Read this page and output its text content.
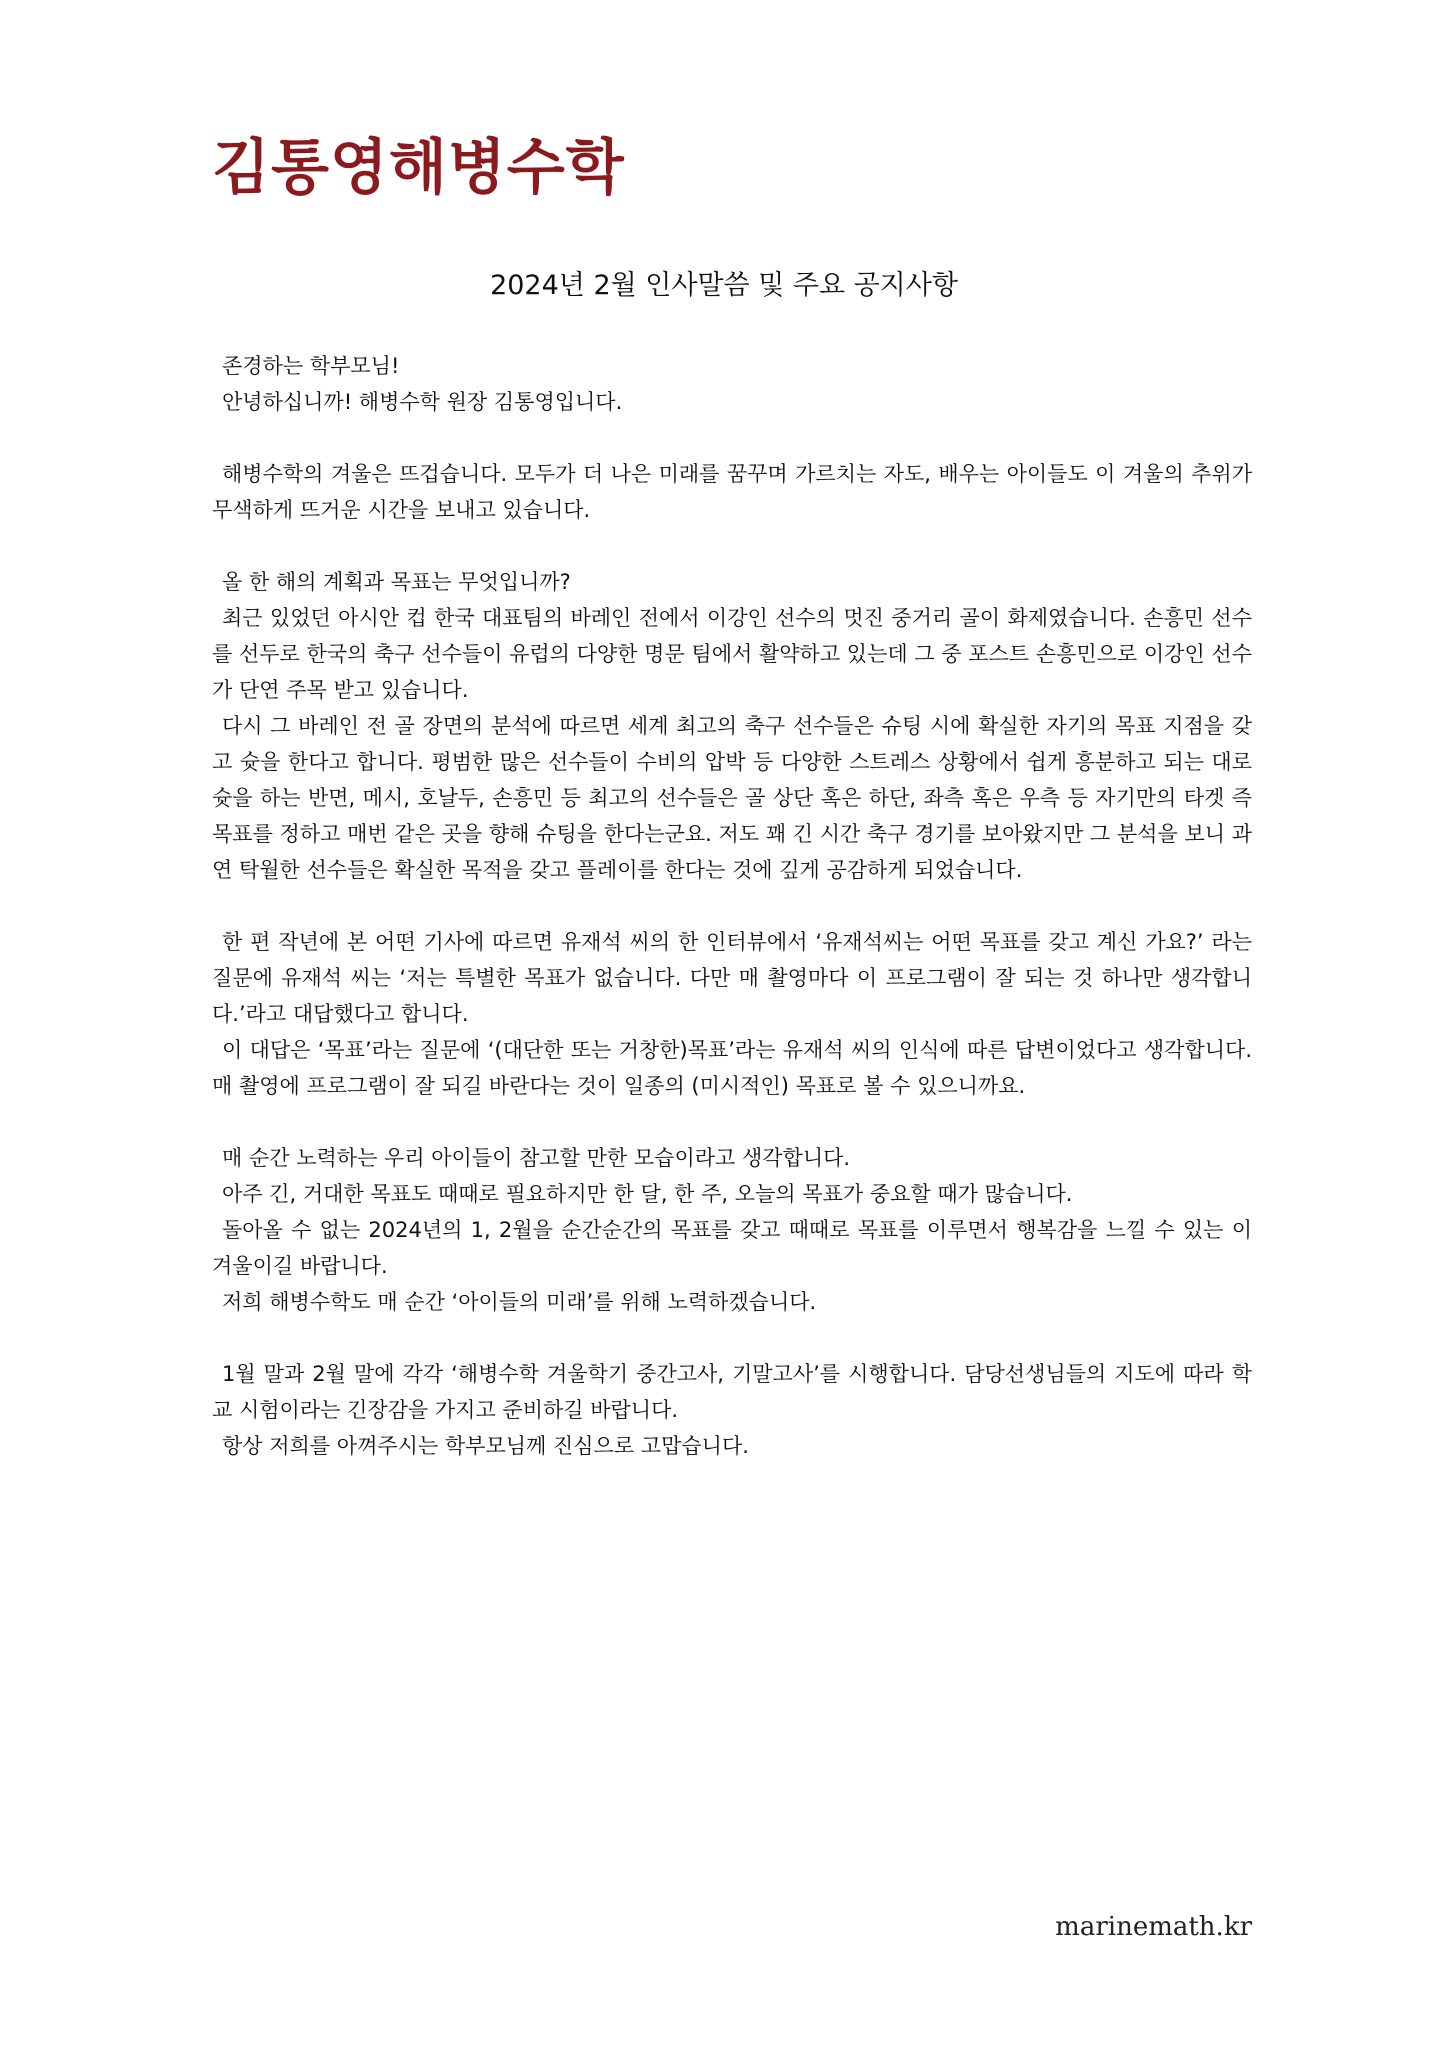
김통영해병수학
2024년 2월 인사말씀 및 주요 공지사항

존경하는 학부모님!

안녕하십니까! 해병수학 원장 김통영입니다.

해병수학의 겨울은 뜨겁습니다. 모두가 더 나은 미래를 꿈꾸며 가르치는 자도, 배우는 아이들도 이 겨울의 추위가 무색하게 뜨거운 시간을 보내고 있습니다.

올 한 해의 계획과 목표는 무엇입니까?

최근 있었던 아시안 컵 한국 대표팀의 바레인 전에서 이강인 선수의 멋진 중거리 골이 화제였습니다. 손흥민 선수를 선두로 한국의 축구 선수들이 유럽의 다양한 명문 팀에서 활약하고 있는데 그 중 포스트 손흥민으로 이강인 선수가 단연 주목 받고 있습니다.

다시 그 바레인 전 골 장면의 분석에 따르면 세계 최고의 축구 선수들은 슈팅 시에 확실한 자기의 목표 지점을 갖고 슛을 한다고 합니다. 평범한 많은 선수들이 수비의 압박 등 다양한 스트레스 상황에서 쉽게 흥분하고 되는 대로 슛을 하는 반면, 메시, 호날두, 손흥민 등 최고의 선수들은 골 상단 혹은 하단, 좌측 혹은 우측 등 자기만의 타겟 즉 목표를 정하고 매번 같은 곳을 향해 슈팅을 한다는군요. 저도 꽤 긴 시간 축구 경기를 보아왔지만 그 분석을 보니 과연 탁월한 선수들은 확실한 목적을 갖고 플레이를 한다는 것에 깊게 공감하게 되었습니다.

한 편 작년에 본 어떤 기사에 따르면 유재석 씨의 한 인터뷰에서 ‘유재석씨는 어떤 목표를 갖고 계신 가요?’ 라는 질문에 유재석 씨는 ‘저는 특별한 목표가 없습니다. 다만 매 촬영마다 이 프로그램이 잘 되는 것 하나만 생각합니다.’라고 대답했다고 합니다.

이 대답은 ‘목표’라는 질문에 ‘(대단한 또는 거창한)목표’라는 유재석 씨의 인식에 따른 답변이었다고 생각합니다. 매 촬영에 프로그램이 잘 되길 바란다는 것이 일종의 (미시적인) 목표로 볼 수 있으니까요.

매 순간 노력하는 우리 아이들이 참고할 만한 모습이라고 생각합니다.

아주 긴, 거대한 목표도 때때로 필요하지만 한 달, 한 주, 오늘의 목표가 중요할 때가 많습니다.

돌아올 수 없는 2024년의 1, 2월을 순간순간의 목표를 갖고 때때로 목표를 이루면서 행복감을 느낄 수 있는 이 겨울이길 바랍니다.

저희 해병수학도 매 순간 ‘아이들의 미래’를 위해 노력하겠습니다.

1월 말과 2월 말에 각각 ‘해병수학 겨울학기 중간고사, 기말고사’를 시행합니다. 담당선생님들의 지도에 따라 학교 시험이라는 긴장감을 가지고 준비하길 바랍니다.

항상 저희를 아껴주시는 학부모님께 진심으로 고맙습니다.

marinemath.kr
